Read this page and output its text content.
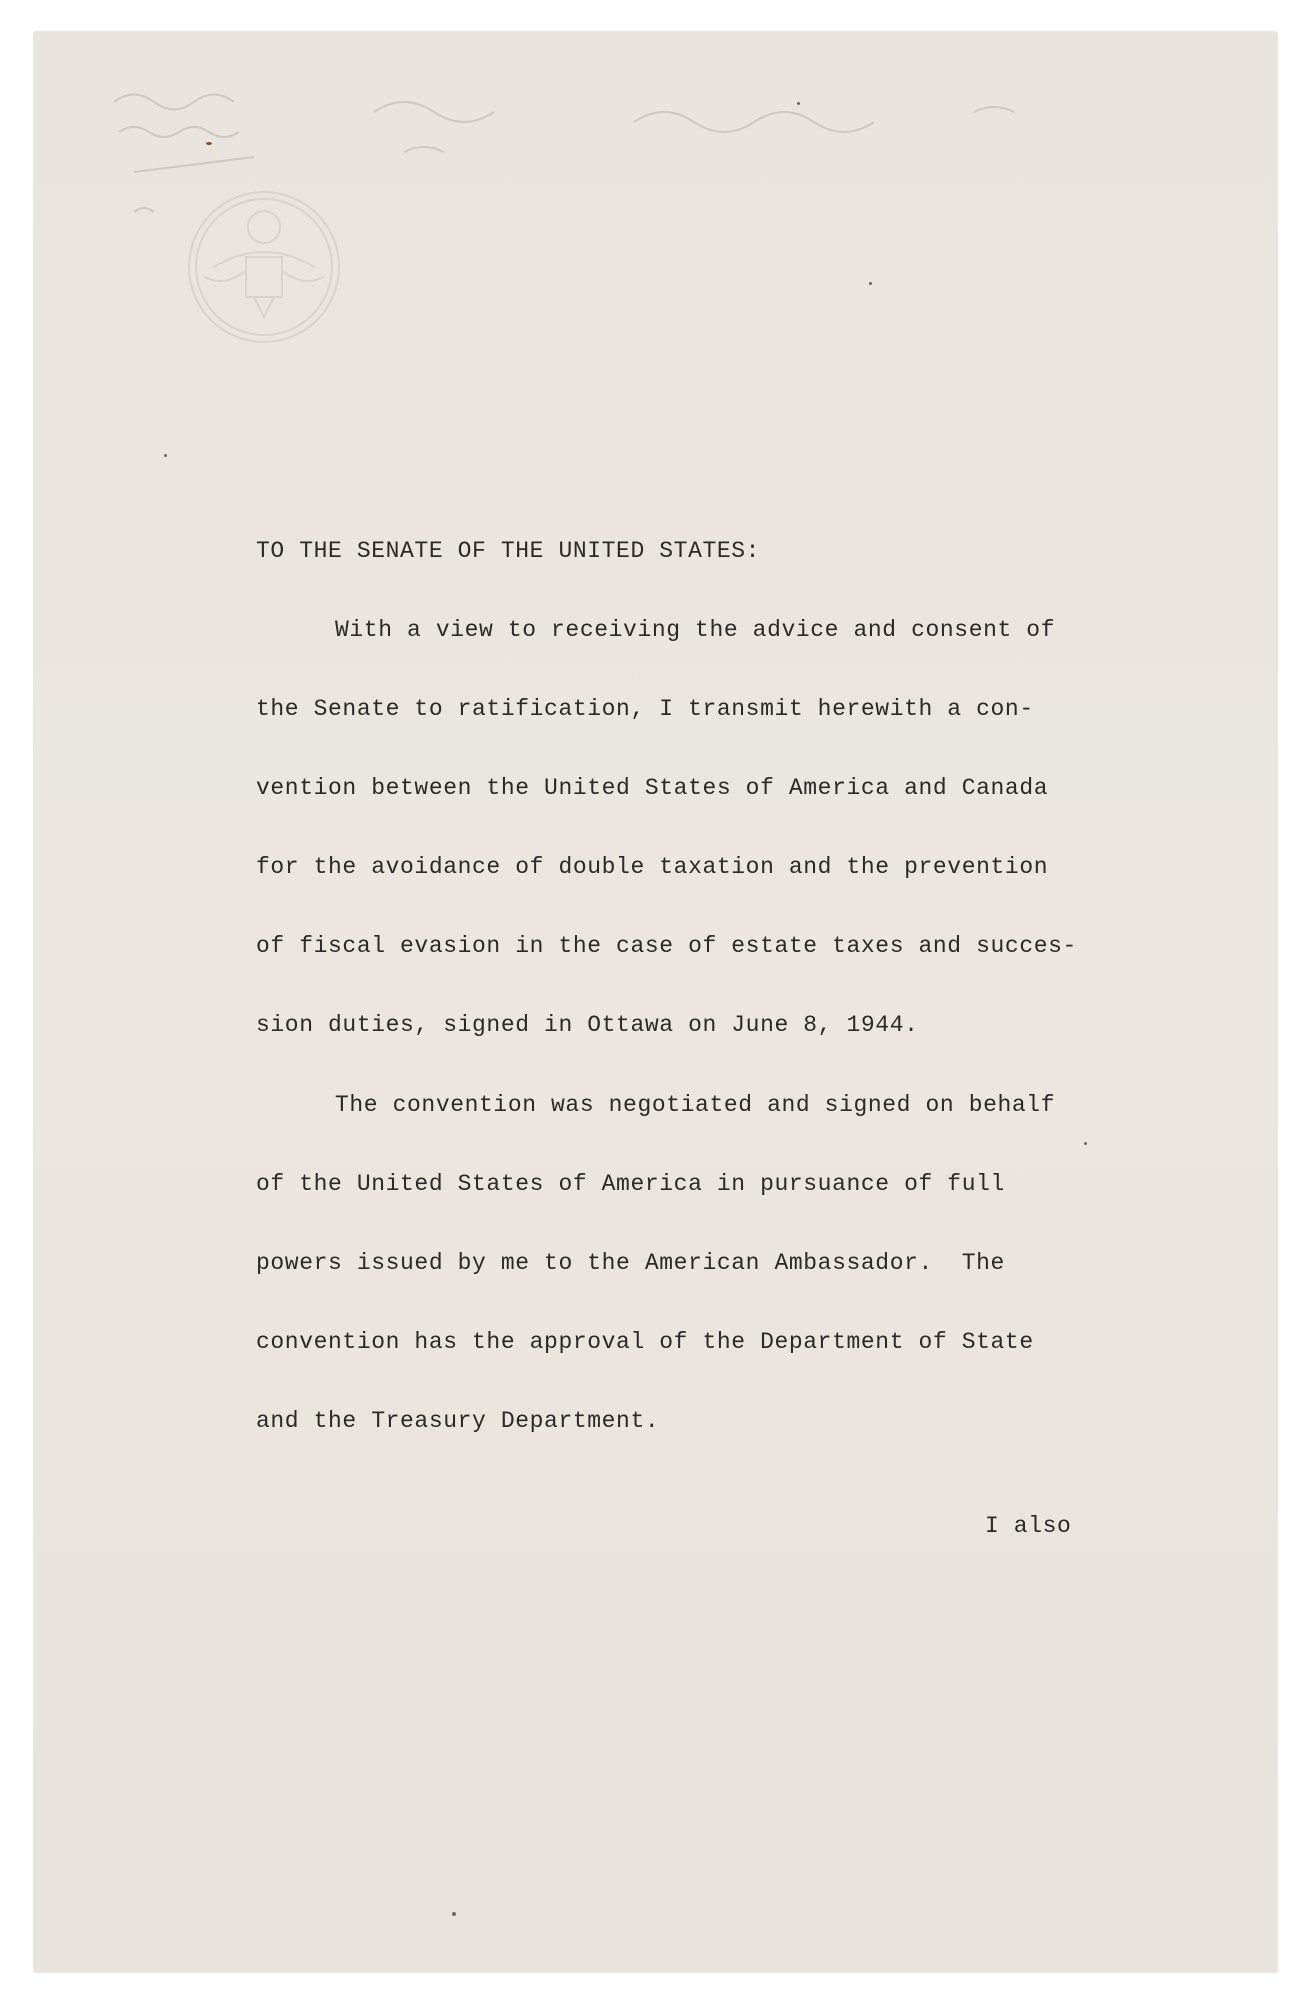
TO THE SENATE OF THE UNITED STATES:

With a view to receiving the advice and consent of

the Senate to ratification, I transmit herewith a con-

vention between the United States of America and Canada

for the avoidance of double taxation and the prevention

of fiscal evasion in the case of estate taxes and succes-

sion duties, signed in Ottawa on June 8, 1944.

The convention was negotiated and signed on behalf

of the United States of America in pursuance of full

powers issued by me to the American Ambassador.  The

convention has the approval of the Department of State

and the Treasury Department.

I also
